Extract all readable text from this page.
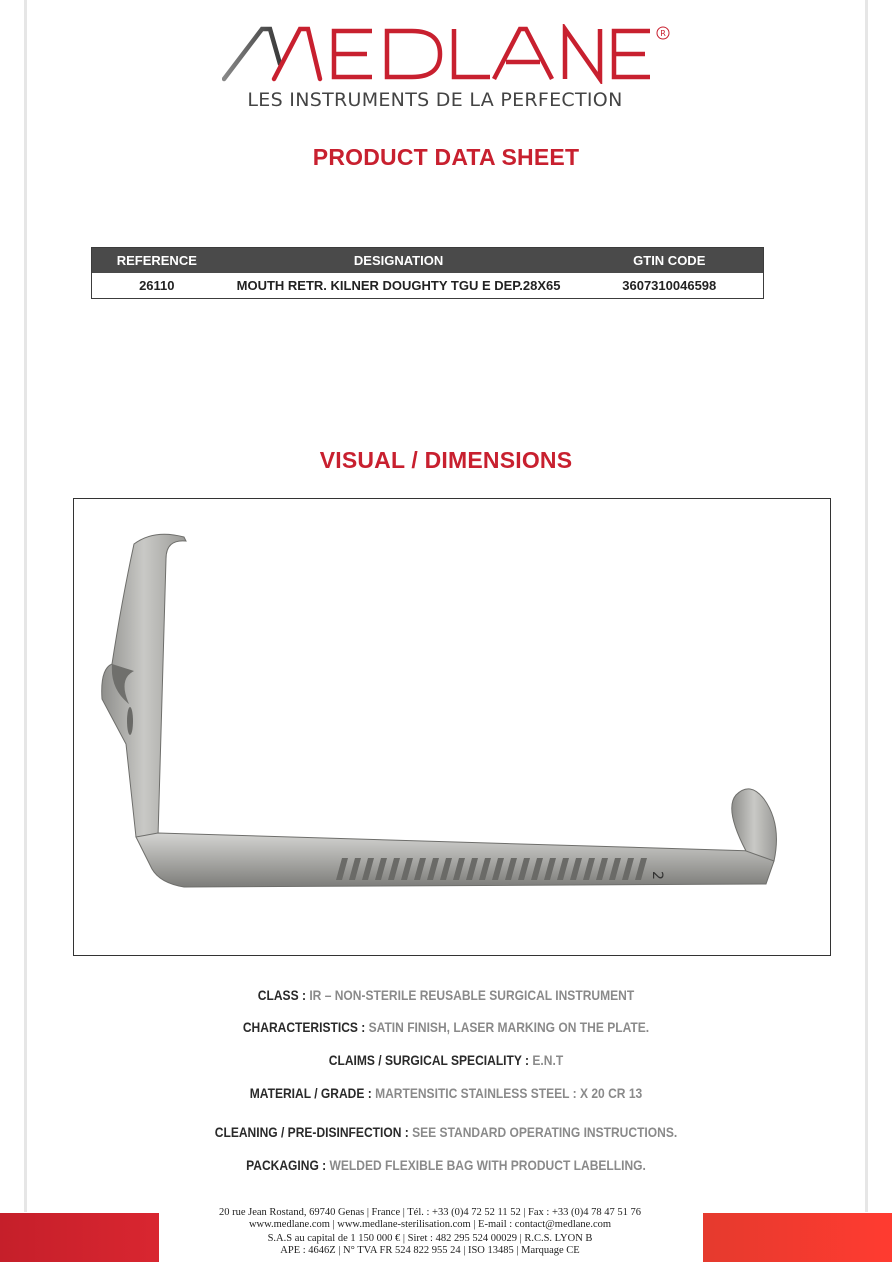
R
LES INSTRUMENTS DE LA PERFECTION
PRODUCT DATA SHEET
REFERENCE	DESIGNATION	GTIN CODE
26110	MOUTH RETR. KILNER DOUGHTY TGU E DEP.28X65	3607310046598
VISUAL / DIMENSIONS
2
CLASS : IR – NON-STERILE REUSABLE SURGICAL INSTRUMENT
CHARACTERISTICS : SATIN FINISH, LASER MARKING ON THE PLATE.
CLAIMS / SURGICAL SPECIALITY : E.N.T
MATERIAL / GRADE : MARTENSITIC STAINLESS STEEL : X 20 CR 13
CLEANING / PRE-DISINFECTION : SEE STANDARD OPERATING INSTRUCTIONS.
PACKAGING : WELDED FLEXIBLE BAG WITH PRODUCT LABELLING.
20 rue Jean Rostand, 69740 Genas | France | Tél. : +33 (0)4 72 52 11 52 | Fax : +33 (0)4 78 47 51 76
www.medlane.com | www.medlane-sterilisation.com | E-mail : contact@medlane.com
S.A.S au capital de 1 150 000 € | Siret : 482 295 524 00029 | R.C.S. LYON B
APE : 4646Z | N° TVA FR 524 822 955 24 | ISO 13485 | Marquage CE
